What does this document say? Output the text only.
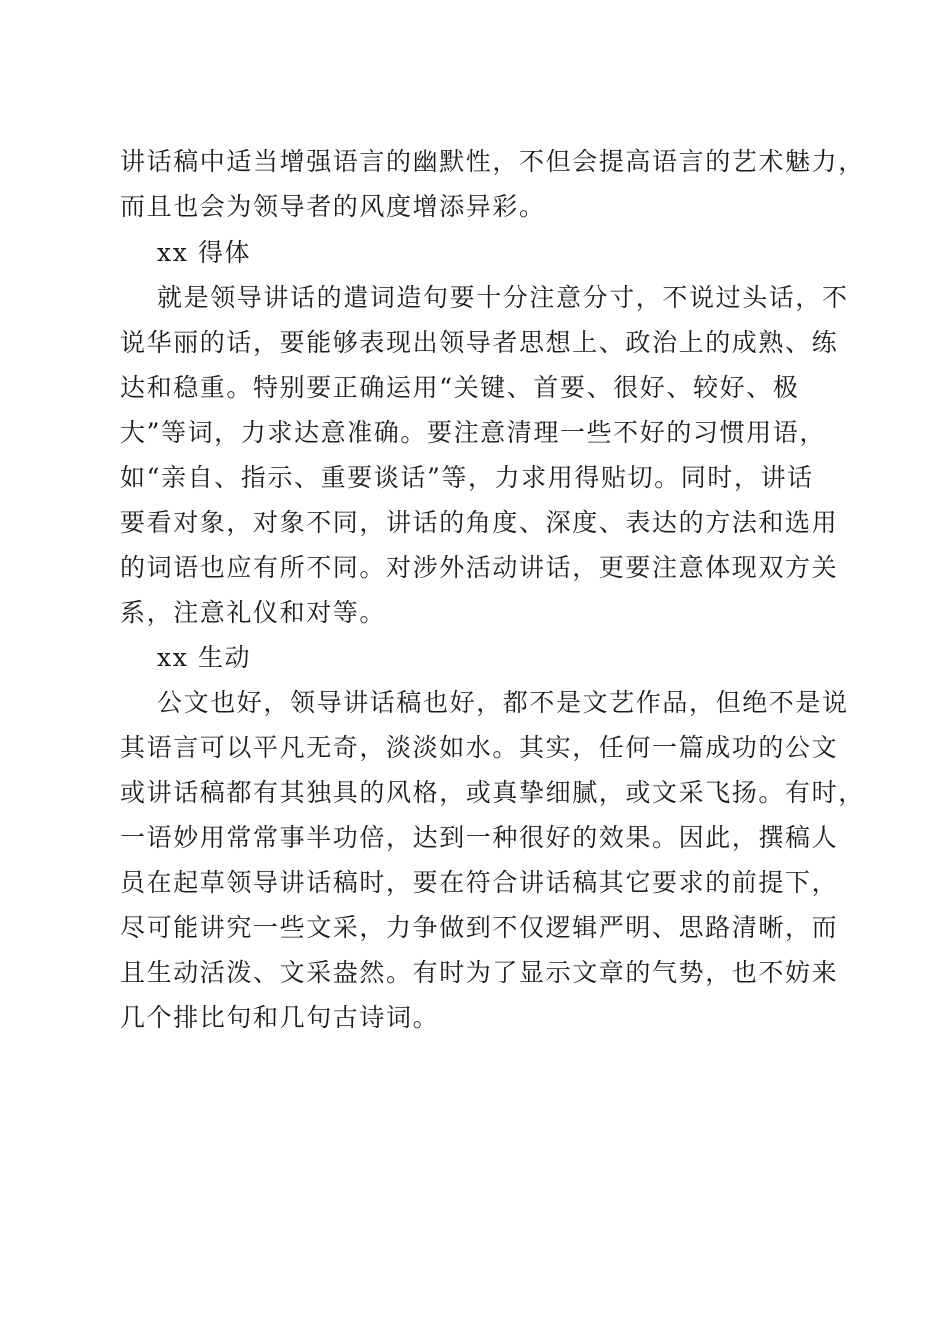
讲话稿中适当增强语言的幽默性，不但会提高语言的艺术魅力，
而且也会为领导者的风度增添异彩。
xx 得体
就是领导讲话的遣词造句要十分注意分寸，不说过头话，不
说华丽的话，要能够表现出领导者思想上、政治上的成熟、练
达和稳重。特别要正确运用“关键、首要、很好、较好、极
大”等词，力求达意准确。要注意清理一些不好的习惯用语，
如“亲自、指示、重要谈话”等，力求用得贴切。同时，讲话
要看对象，对象不同，讲话的角度、深度、表达的方法和选用
的词语也应有所不同。对涉外活动讲话，更要注意体现双方关
系，注意礼仪和对等。
xx 生动
公文也好，领导讲话稿也好，都不是文艺作品，但绝不是说
其语言可以平凡无奇，淡淡如水。其实，任何一篇成功的公文
或讲话稿都有其独具的风格，或真挚细腻，或文采飞扬。有时，
一语妙用常常事半功倍，达到一种很好的效果。因此，撰稿人
员在起草领导讲话稿时，要在符合讲话稿其它要求的前提下，
尽可能讲究一些文采，力争做到不仅逻辑严明、思路清晰，而
且生动活泼、文采盎然。有时为了显示文章的气势，也不妨来
几个排比句和几句古诗词。
